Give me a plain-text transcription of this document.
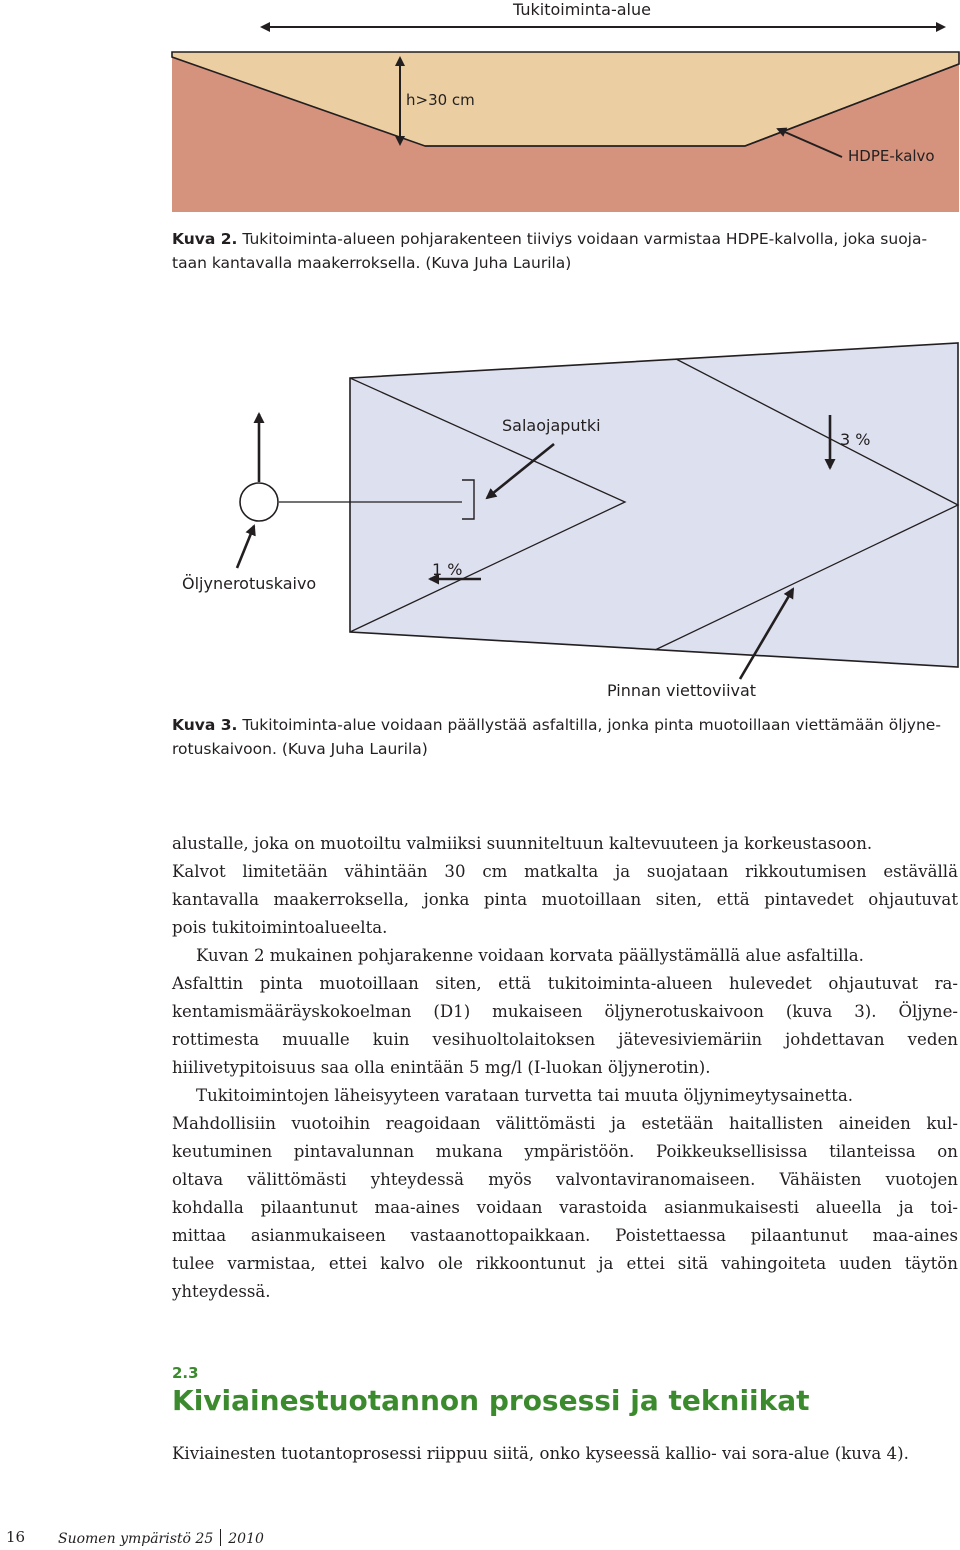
Tukitoiminta-alue
h>30 cm
HDPE-kalvo
Kuva 2. Tukitoiminta-alueen pohjarakenteen tiiviys voidaan varmistaa HDPE-kalvolla, joka suoja-
taan kantavalla maakerroksella. (Kuva Juha Laurila)
Salaojaputki
3 %
1 %
Öljynerotuskaivo
Pinnan viettoviivat
Kuva 3. Tukitoiminta-alue voidaan päällystää asfaltilla, jonka pinta muotoillaan viettämään öljyne-
rotuskaivoon. (Kuva Juha Laurila)
alustalle, joka on muotoiltu valmiiksi suunniteltuun kaltevuuteen ja korkeustasoon.
Kalvot limitetään vähintään 30 cm matkalta ja suojataan rikkoutumisen estävällä
kantavalla maakerroksella, jonka pinta muotoillaan siten, että pintavedet ohjautuvat
pois tukitoimintoalueelta.
Kuvan 2 mukainen pohjarakenne voidaan korvata päällystämällä alue asfaltilla.
Asfalttin pinta muotoillaan siten, että tukitoiminta-alueen hulevedet ohjautuvat ra-
kentamismääräyskokoelman (D1) mukaiseen öljynerotuskaivoon (kuva 3). Öljyne-
rottimesta muualle kuin vesihuoltolaitoksen jätevesiviemäriin johdettavan veden
hiilivetypitoisuus saa olla enintään 5 mg/l (I-luokan öljynerotin).
Tukitoimintojen läheisyyteen varataan turvetta tai muuta öljynimeytysainetta.
Mahdollisiin vuotoihin reagoidaan välittömästi ja estetään haitallisten aineiden kul-
keutuminen pintavalunnan mukana ympäristöön. Poikkeuksellisissa tilanteissa on
oltava välittömästi yhteydessä myös valvontaviranomaiseen. Vähäisten vuotojen
kohdalla pilaantunut maa-aines voidaan varastoida asianmukaisesti alueella ja toi-
mittaa asianmukaiseen vastaanottopaikkaan. Poistettaessa pilaantunut maa-aines
tulee varmistaa, ettei kalvo ole rikkoontunut ja ettei sitä vahingoiteta uuden täytön
yhteydessä.
2.3
Kiviainestuotannon prosessi ja tekniikat
Kiviainesten tuotantoprosessi riippuu siitä, onko kyseessä kallio- vai sora-alue (kuva 4).
16 Suomen ympäristö 25 2010
